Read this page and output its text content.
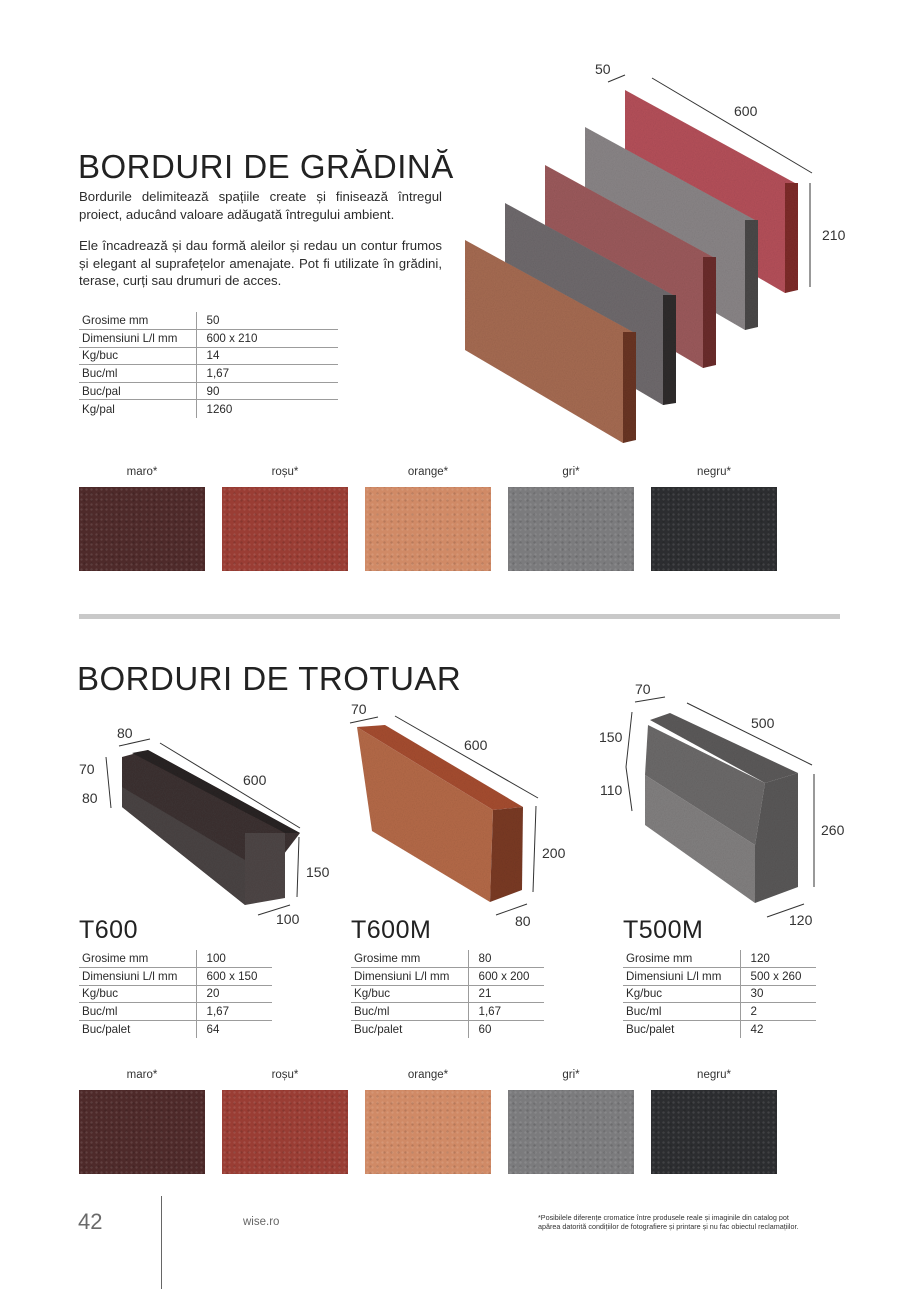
BORDURI DE GRĂDINĂ

Bordurile delimitează spațiile create și finisează întregul proiect, aducând valoare adăugată întregului ambient.

Ele încadrează și dau formă aleilor și redau un contur frumos și elegant al suprafețelor amenajate. Pot fi utilizate în grădini, terase, curți sau drumuri de acces.

Grosime mm	50
Dimensiuni L/l mm	600 x 210
Kg/buc	14
Buc/ml	1,67
Buc/pal	90
Kg/pal	1260
50
600
210
maro*	roșu*	orange*	gri*	negru*
BORDURI DE TROTUAR
80
70
80
600
150
100
70
600
200
80
70
150
110
500
260
120
T600	T600M	T500M
Grosime mm	100
Dimensiuni L/l mm	600 x 150
Kg/buc	20
Buc/ml	1,67
Buc/palet	64
Grosime mm	80
Dimensiuni L/l mm	600 x 200
Kg/buc	21
Buc/ml	1,67
Buc/palet	60
Grosime mm	120
Dimensiuni L/l mm	500 x 260
Kg/buc	30
Buc/ml	2
Buc/palet	42
maro*	roșu*	orange*	gri*	negru*
42	wise.ro	*Posibilele diferențe cromatice între produsele reale și imaginile din catalog pot
apărea datorită condițiilor de fotografiere și printare și nu fac obiectul reclamațiilor.
